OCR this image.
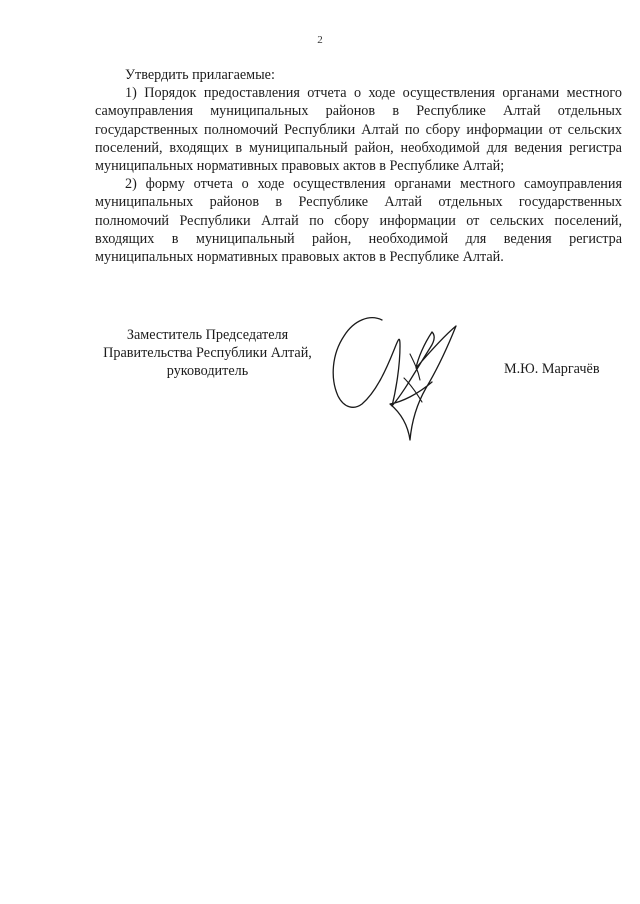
2

Утвердить прилагаемые:

1) Порядок предоставления отчета о ходе осуществления органами местного самоуправления муниципальных районов в Республике Алтай отдельных государственных полномочий Республики Алтай по сбору информации от сельских поселений, входящих в муниципальный район, необходимой для ведения регистра муниципальных нормативных правовых актов в Республике Алтай;

2) форму отчета о ходе осуществления органами местного самоуправления муниципальных районов в Республике Алтай отдельных государственных полномочий Республики Алтай по сбору информации от сельских поселений, входящих в муниципальный район, необходимой для ведения регистра муниципальных нормативных правовых актов в Республике Алтай.

Заместитель Председателя
Правительства Республики Алтай,
руководитель	М.Ю. Маргачёв
